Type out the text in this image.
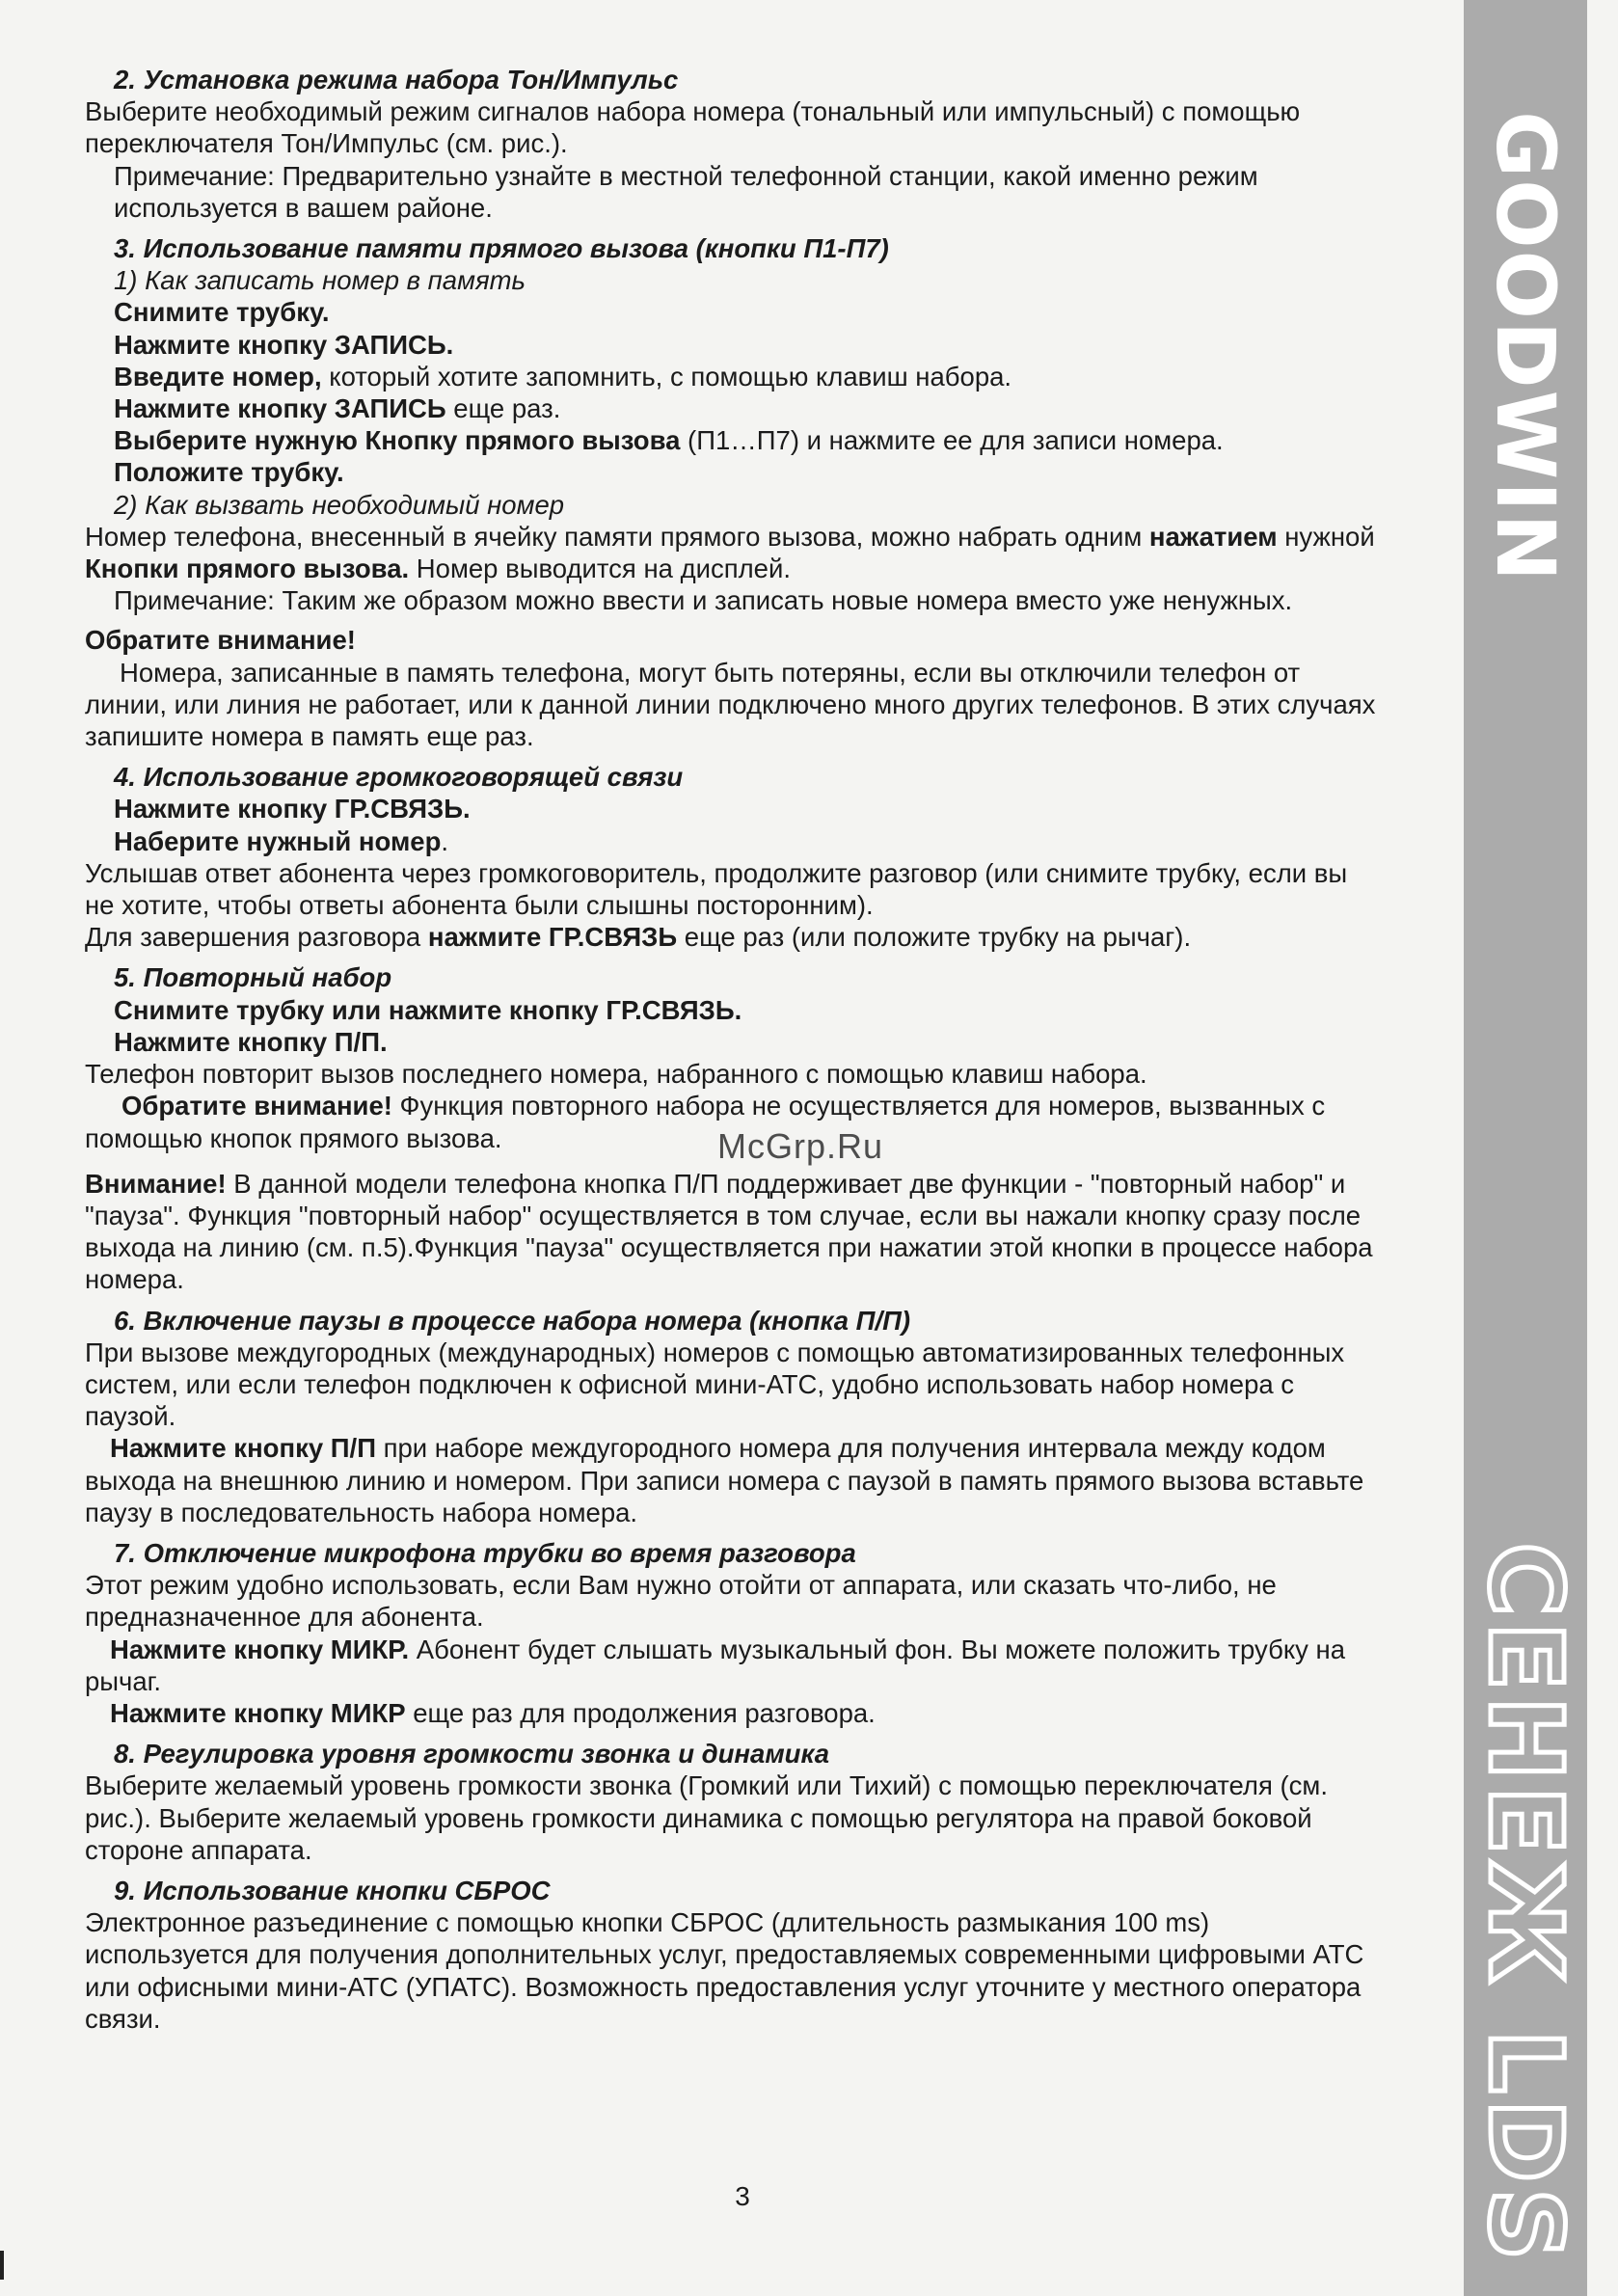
GOODWIN
СЕНЕЖ LDS

2. Установка режима набора Тон/Импульс

Выберите необходимый режим сигналов набора номера (тональный или импульсный) с помощью переключателя Тон/Импульс (см. рис.).

Примечание: Предварительно узнайте в местной телефонной станции, какой именно режим используется в вашем районе.

3. Использование памяти прямого вызова (кнопки П1-П7)

1) Как записать номер в память

Снимите трубку.

Нажмите кнопку ЗАПИСЬ.

Введите номер, который хотите запомнить, с помощью клавиш набора.

Нажмите кнопку ЗАПИСЬ еще раз.

Выберите нужную Кнопку прямого вызова (П1…П7) и нажмите ее для записи номера.

Положите трубку.

2) Как вызвать необходимый номер

Номер телефона, внесенный в ячейку памяти прямого вызова, можно набрать одним нажатием нужной Кнопки прямого вызова. Номер выводится на дисплей.

Примечание: Таким же образом можно ввести и записать новые номера вместо уже ненужных.

Обратите внимание!

Номера, записанные в память телефона, могут быть потеряны, если вы отключили телефон от линии, или линия не работает, или к данной линии подключено много других телефонов. В этих случаях запишите номера в память еще раз.

4. Использование громкоговорящей связи

Нажмите кнопку ГР.СВЯЗЬ.

Наберите нужный номер.

Услышав ответ абонента через громкоговоритель, продолжите разговор (или снимите трубку, если вы не хотите, чтобы ответы абонента были слышны посторонним).

Для завершения разговора нажмите ГР.СВЯЗЬ еще раз (или положите трубку на рычаг).

5. Повторный набор

Снимите трубку или нажмите кнопку ГР.СВЯЗЬ.

Нажмите кнопку П/П.

Телефон повторит вызов последнего номера, набранного с помощью клавиш набора.

Обратите внимание! Функция повторного набора не осуществляется для номеров, вызванных с помощью кнопок прямого вызова.

Внимание! В данной модели телефона кнопка П/П поддерживает две функции - "повторный набор" и "пауза". Функция "повторный набор" осуществляется в том случае, если вы нажали кнопку сразу после выхода на линию (см. п.5).Функция "пауза" осуществляется при нажатии этой кнопки в процессе набора номера.

6. Включение паузы в процессе набора номера (кнопка П/П)

При вызове междугородных (международных) номеров с помощью автоматизированных телефонных систем, или если телефон подключен к офисной мини-АТС, удобно использовать набор номера с паузой.

Нажмите кнопку П/П при наборе междугородного номера для получения интервала между кодом выхода на внешнюю линию и номером. При записи номера с паузой в память прямого вызова вставьте паузу в последовательность набора номера.

7. Отключение микрофона трубки во время разговора

Этот режим удобно использовать, если Вам нужно отойти от аппарата, или сказать что-либо, не предназначенное для абонента.

Нажмите кнопку МИКР. Абонент будет слышать музыкальный фон. Вы можете положить трубку на рычаг.

Нажмите кнопку МИКР еще раз для продолжения разговора.

8. Регулировка уровня громкости звонка и динамика

Выберите желаемый уровень громкости звонка (Громкий или Тихий) с помощью переключателя (см. рис.). Выберите желаемый уровень громкости динамика с помощью регулятора на правой боковой стороне аппарата.

9. Использование кнопки СБРОС

Электронное разъединение с помощью кнопки СБРОС (длительность размыкания 100 ms) используется для получения дополнительных услуг, предоставляемых современными цифровыми АТС или офисными мини-АТС (УПАТС). Возможность предоставления услуг уточните у местного оператора связи.

McGrp.Ru
3
